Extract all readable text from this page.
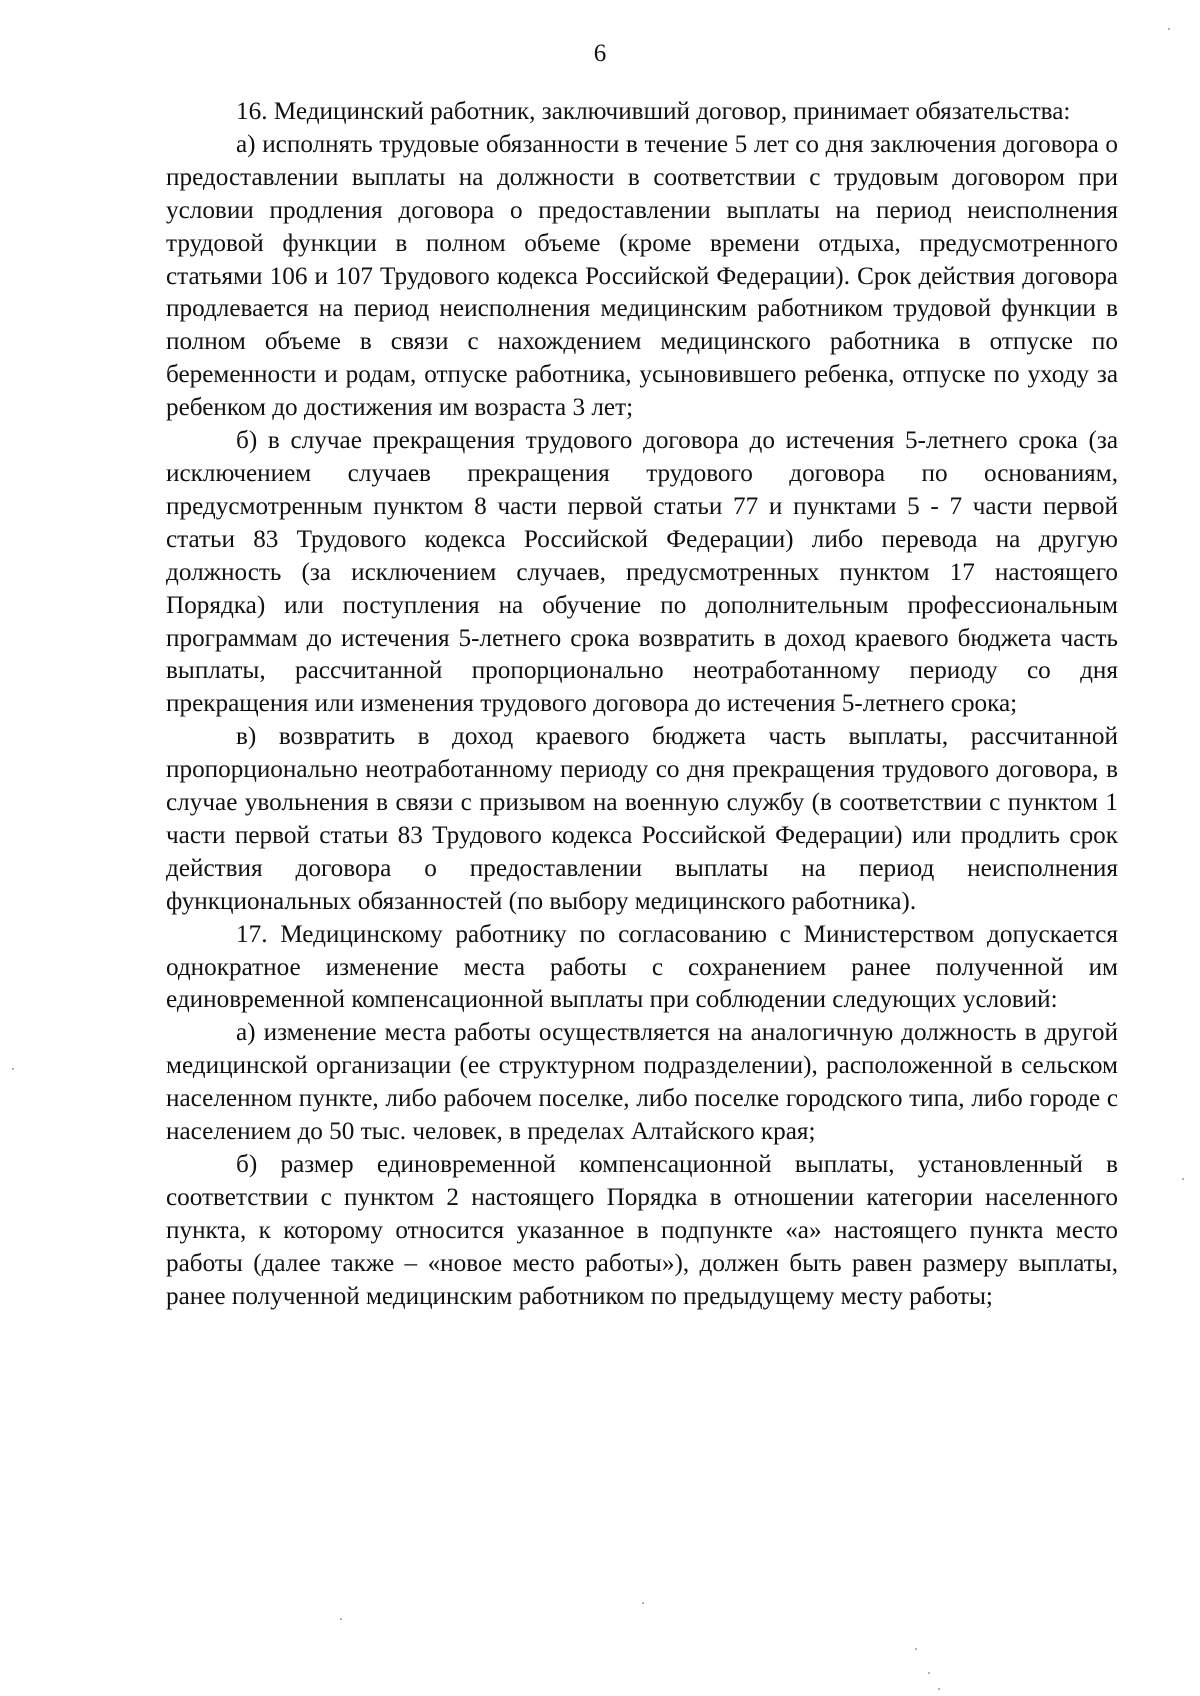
6

16. Медицинский работник, заключивший договор, принимает обязательства:

а) исполнять трудовые обязанности в течение 5 лет со дня заключения договора о предоставлении выплаты на должности в соответствии с трудовым договором при условии продления договора о предоставлении выплаты на период неисполнения трудовой функции в полном объеме (кроме времени отдыха, предусмотренного статьями 106 и 107 Трудового кодекса Российской Федерации). Срок действия договора продлевается на период неисполнения медицинским работником трудовой функции в полном объеме в связи с нахождением медицинского работника в отпуске по беременности и родам, отпуске работника, усыновившего ребенка, отпуске по уходу за ребенком до достижения им возраста 3 лет;

б) в случае прекращения трудового договора до истечения 5-летнего срока (за исключением случаев прекращения трудового договора по основаниям, предусмотренным пунктом 8 части первой статьи 77 и пунктами 5 - 7 части первой статьи 83 Трудового кодекса Российской Федерации) либо перевода на другую должность (за исключением случаев, предусмотренных пунктом 17 настоящего Порядка) или поступления на обучение по дополнительным профессиональным программам до истечения 5-летнего срока возвратить в доход краевого бюджета часть выплаты, рассчитанной пропорционально неотработанному периоду со дня прекращения или изменения трудового договора до истечения 5-летнего срока;

в) возвратить в доход краевого бюджета часть выплаты, рассчитанной пропорционально неотработанному периоду со дня прекращения трудового договора, в случае увольнения в связи с призывом на военную службу (в соответствии с пунктом 1 части первой статьи 83 Трудового кодекса Российской Федерации) или продлить срок действия договора о предоставлении выплаты на период неисполнения функциональных обязанностей (по выбору медицинского работника).

17. Медицинскому работнику по согласованию с Министерством допускается однократное изменение места работы с сохранением ранее полученной им единовременной компенсационной выплаты при соблюдении следующих условий:

а) изменение места работы осуществляется на аналогичную должность в другой медицинской организации (ее структурном подразделении), расположенной в сельском населенном пункте, либо рабочем поселке, либо поселке городского типа, либо городе с населением до 50 тыс. человек, в пределах Алтайского края;

б) размер единовременной компенсационной выплаты, установленный в соответствии с пунктом 2 настоящего Порядка в отношении категории населенного пункта, к которому относится указанное в подпункте «а» настоящего пункта место работы (далее также – «новое место работы»), должен быть равен размеру выплаты, ранее полученной медицинским работником по предыдущему месту работы;
